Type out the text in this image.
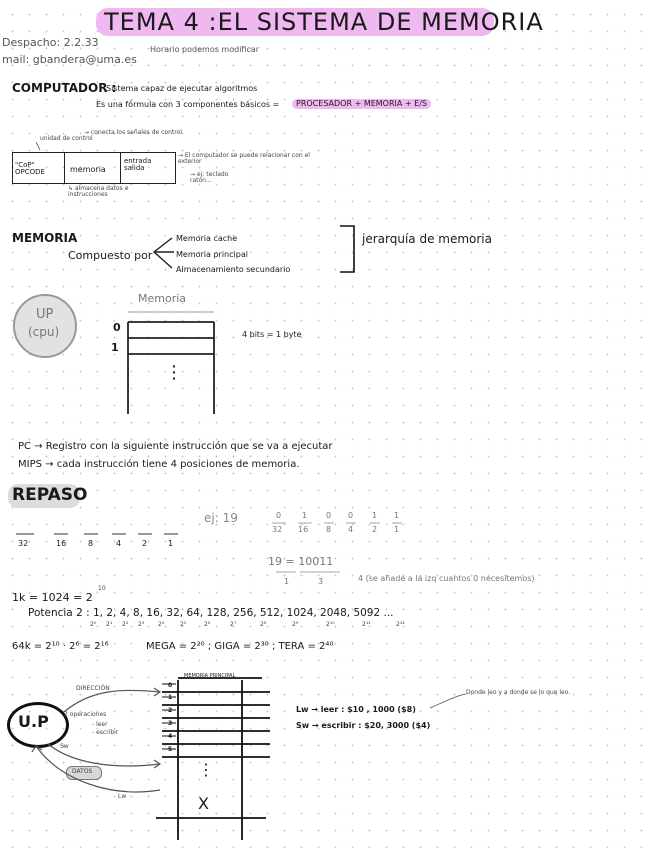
TEMA 4 :EL SISTEMA DE MEMORIA
Despacho: 2.2.33
mail: gbandera@uma.es
Horario podemos modificar
COMPUTADOR :
Sistema capaz de ejecutar algoritmos
Es una fórmula con 3 componentes básicos =	PROCESADOR + MEMORIA + E/S
unidad de control
→ conecta los señales de control
"CoP" OPCODE	memoria
entrada salida
→ El computador se puede relacionar con el exterior
→ ej: teclado ratón...
↳ almacena datos e instrucciones
MEMORIA
Compuesto por
Memoria cache
Memoria principal
Almacenamiento secundario
jerarquía de memoria
UP
(cpu)
Memoria
0
1
⋮
4 bits = 1 byte
PC → Registro con la siguiente instrucción que se va a ejecutar
MIPS → cada instrucción tiene 4 posiciones de memoria.
REPASO
32	16	8	4	2	1
ej: 19	0	1 0 0 1 1
32 16 8 4 2 1
19 = 10011
1	3	4 (se añade a la izq cuantos 0 necesitemos)
1k = 1024 = 2
10
Potencia 2 : 1, 2, 4, 8, 16, 32, 64, 128, 256, 512, 1024, 2048, 5092 ...
2⁰ 2¹ 2² 2³ 2⁴	2⁵	2⁶	2⁷	2⁸	2⁹	2¹⁰	2¹¹	2¹²
64k = 2¹⁰ · 2⁶ = 2¹⁶	MEGA = 2²⁰ ; GIGA = 2³⁰ ; TERA = 2⁴⁰
U.P
DIRECCIÓN
2 operaciones
- leer
- escribir
Sw
DATOS
Lw
MEMORIA PRINCIPAL
0
1
2
3
4
5
⋮
X
Lw → leer : $10 , 1000 ($8)
Sw → escribir : $20, 3000 ($4)
Donde leo y a donde se lo que leo.
